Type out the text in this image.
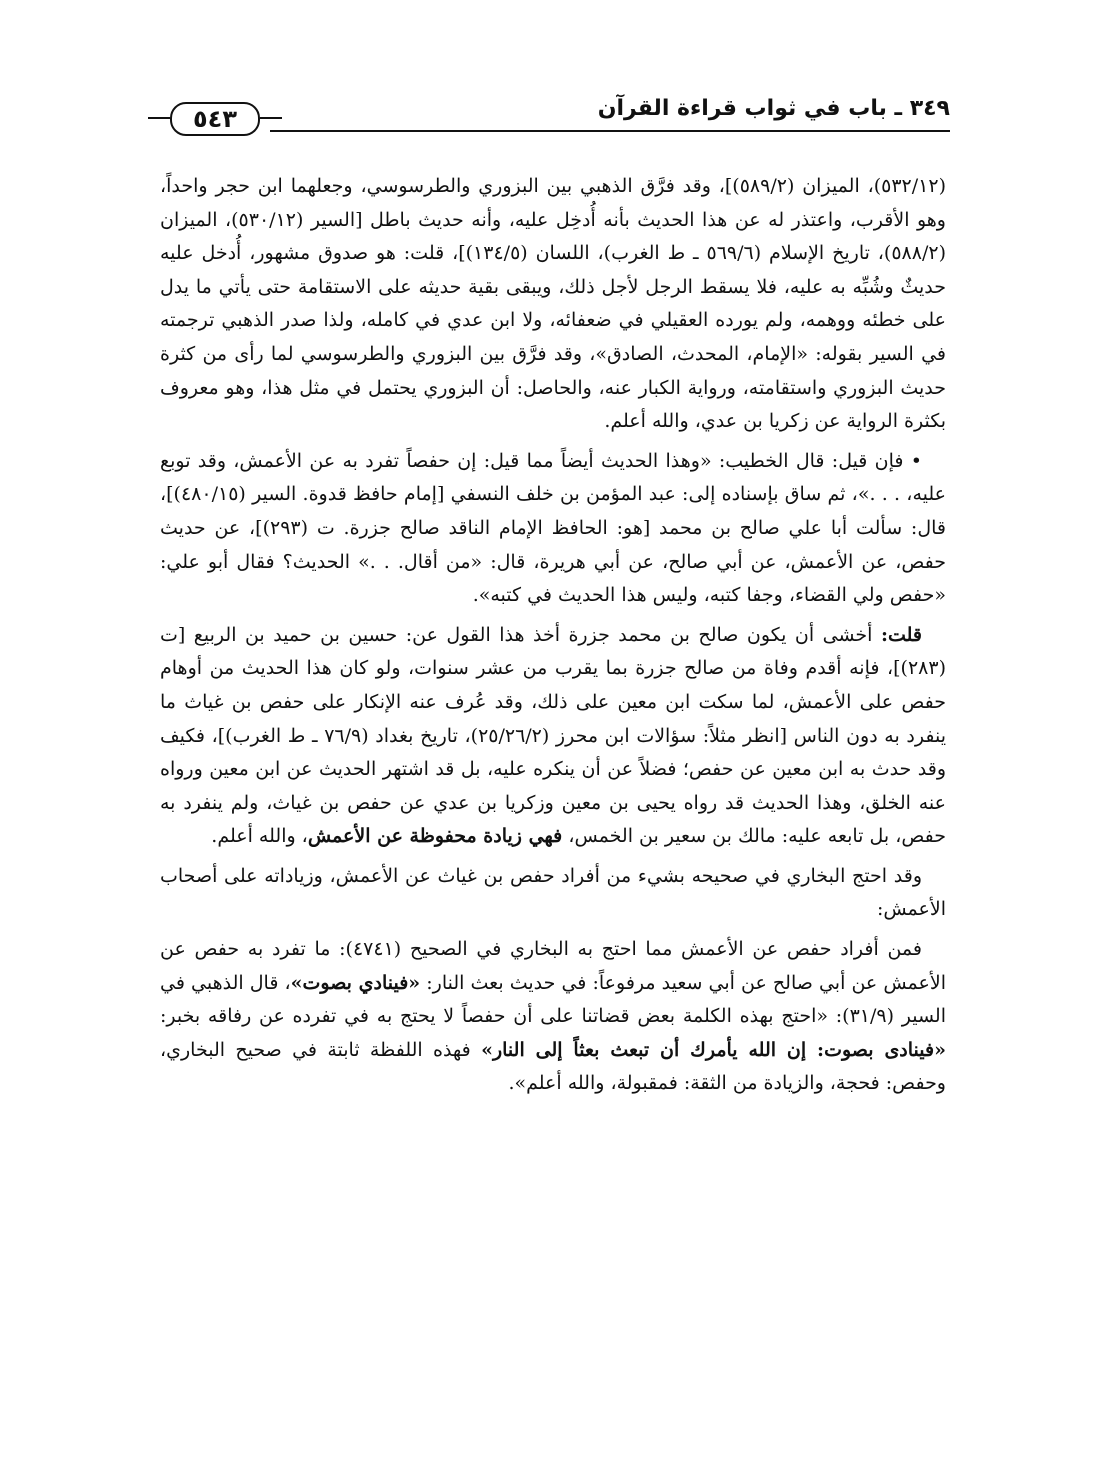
٣٤٩ ـ باب في ثواب قراءة القرآن
٥٤٣

(٥٣٢/١٢)، الميزان (٥٨٩/٢)]، وقد فرَّق الذهبي بين البزوري والطرسوسي، وجعلهما ابن حجر واحداً، وهو الأقرب، واعتذر له عن هذا الحديث بأنه أُدخِل عليه، وأنه حديث باطل [السير (٥٣٠/١٢)، الميزان (٥٨٨/٢)، تاريخ الإسلام (٥٦٩/٦ ـ ط الغرب)، اللسان (١٣٤/٥)]، قلت: هو صدوق مشهور، أُدخل عليه حديثٌ وشُبِّه به عليه، فلا يسقط الرجل لأجل ذلك، ويبقى بقية حديثه على الاستقامة حتى يأتي ما يدل على خطئه ووهمه، ولم يورده العقيلي في ضعفائه، ولا ابن عدي في كامله، ولذا صدر الذهبي ترجمته في السير بقوله: «الإمام، المحدث، الصادق»، وقد فرَّق بين البزوري والطرسوسي لما رأى من كثرة حديث البزوري واستقامته، ورواية الكبار عنه، والحاصل: أن البزوري يحتمل في مثل هذا، وهو معروف بكثرة الرواية عن زكريا بن عدي، والله أعلم.

• فإن قيل: قال الخطيب: «وهذا الحديث أيضاً مما قيل: إن حفصاً تفرد به عن الأعمش، وقد توبع عليه، . . .»، ثم ساق بإسناده إلى: عبد المؤمن بن خلف النسفي [إمام حافظ قدوة. السير (٤٨٠/١٥)]، قال: سألت أبا علي صالح بن محمد [هو: الحافظ الإمام الناقد صالح جزرة. ت (٢٩٣)]، عن حديث حفص، عن الأعمش، عن أبي صالح، عن أبي هريرة، قال: «من أقال. . .» الحديث؟ فقال أبو علي: «حفص ولي القضاء، وجفا كتبه، وليس هذا الحديث في كتبه».

قلت: أخشى أن يكون صالح بن محمد جزرة أخذ هذا القول عن: حسين بن حميد بن الربيع [ت (٢٨٣)]، فإنه أقدم وفاة من صالح جزرة بما يقرب من عشر سنوات، ولو كان هذا الحديث من أوهام حفص على الأعمش، لما سكت ابن معين على ذلك، وقد عُرف عنه الإنكار على حفص بن غياث ما ينفرد به دون الناس [انظر مثلاً: سؤالات ابن محرز (٢٥/٢٦/٢)، تاريخ بغداد (٧٦/٩ ـ ط الغرب)]، فكيف وقد حدث به ابن معين عن حفص؛ فضلاً عن أن ينكره عليه، بل قد اشتهر الحديث عن ابن معين ورواه عنه الخلق، وهذا الحديث قد رواه يحيى بن معين وزكريا بن عدي عن حفص بن غياث، ولم ينفرد به حفص، بل تابعه عليه: مالك بن سعير بن الخمس، فهي زيادة محفوظة عن الأعمش، والله أعلم.

وقد احتج البخاري في صحيحه بشيء من أفراد حفص بن غياث عن الأعمش، وزياداته على أصحاب الأعمش:

فمن أفراد حفص عن الأعمش مما احتج به البخاري في الصحيح (٤٧٤١): ما تفرد به حفص عن الأعمش عن أبي صالح عن أبي سعيد مرفوعاً: في حديث بعث النار: «فينادي بصوت»، قال الذهبي في السير (٣١/٩): «احتج بهذه الكلمة بعض قضاتنا على أن حفصاً لا يحتج به في تفرده عن رفاقه بخبر: «فينادى بصوت: إن الله يأمرك أن تبعث بعثاً إلى النار» فهذه اللفظة ثابتة في صحيح البخاري، وحفص: فحجة، والزيادة من الثقة: فمقبولة، والله أعلم».
